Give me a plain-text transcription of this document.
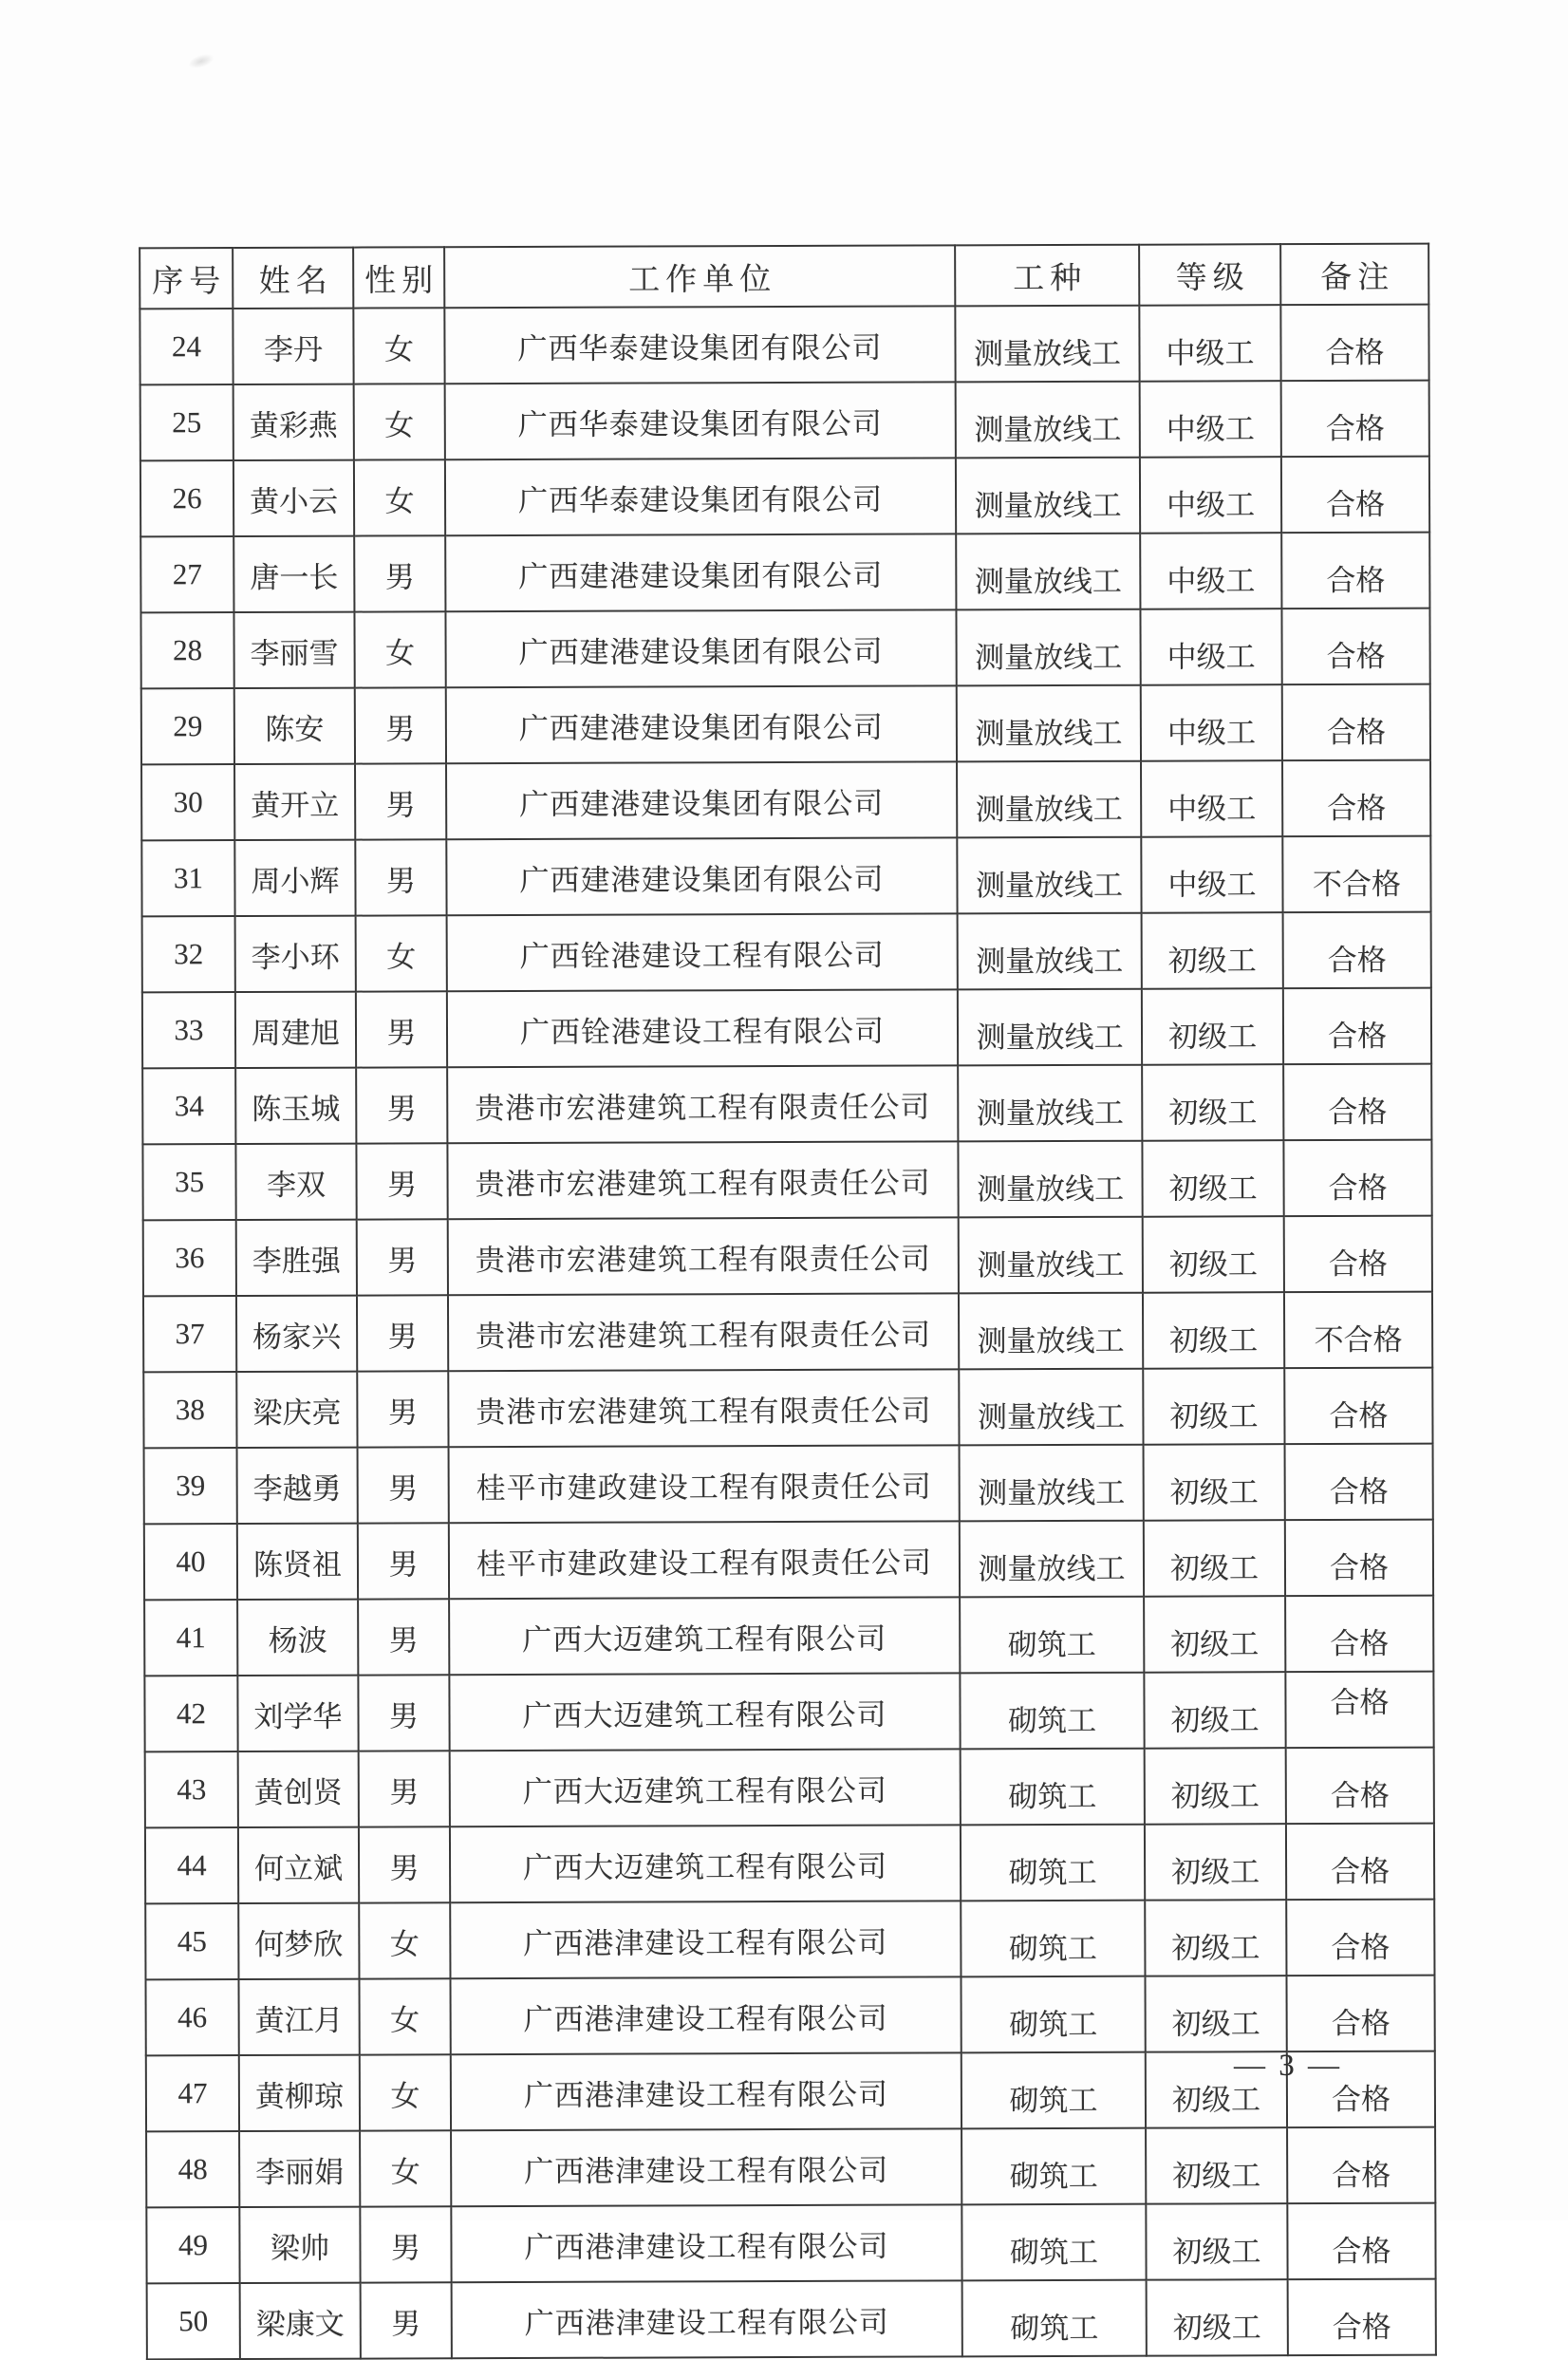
序号	姓名	性别	工作单位	工种	等级	备注
24	李丹	女	广西华泰建设集团有限公司	测量放线工	中级工	合格
25	黄彩燕	女	广西华泰建设集团有限公司	测量放线工	中级工	合格
26	黄小云	女	广西华泰建设集团有限公司	测量放线工	中级工	合格
27	唐一长	男	广西建港建设集团有限公司	测量放线工	中级工	合格
28	李丽雪	女	广西建港建设集团有限公司	测量放线工	中级工	合格
29	陈安	男	广西建港建设集团有限公司	测量放线工	中级工	合格
30	黄开立	男	广西建港建设集团有限公司	测量放线工	中级工	合格
31	周小辉	男	广西建港建设集团有限公司	测量放线工	中级工	不合格
32	李小环	女	广西铨港建设工程有限公司	测量放线工	初级工	合格
33	周建旭	男	广西铨港建设工程有限公司	测量放线工	初级工	合格
34	陈玉城	男	贵港市宏港建筑工程有限责任公司	测量放线工	初级工	合格
35	李双	男	贵港市宏港建筑工程有限责任公司	测量放线工	初级工	合格
36	李胜强	男	贵港市宏港建筑工程有限责任公司	测量放线工	初级工	合格
37	杨家兴	男	贵港市宏港建筑工程有限责任公司	测量放线工	初级工	不合格
38	梁庆亮	男	贵港市宏港建筑工程有限责任公司	测量放线工	初级工	合格
39	李越勇	男	桂平市建政建设工程有限责任公司	测量放线工	初级工	合格
40	陈贤祖	男	桂平市建政建设工程有限责任公司	测量放线工	初级工	合格
41	杨波	男	广西大迈建筑工程有限公司	砌筑工	初级工	合格
42	刘学华	男	广西大迈建筑工程有限公司	砌筑工	初级工	合格
43	黄创贤	男	广西大迈建筑工程有限公司	砌筑工	初级工	合格
44	何立斌	男	广西大迈建筑工程有限公司	砌筑工	初级工	合格
45	何梦欣	女	广西港津建设工程有限公司	砌筑工	初级工	合格
46	黄江月	女	广西港津建设工程有限公司	砌筑工	初级工	合格
47	黄柳琼	女	广西港津建设工程有限公司	砌筑工	初级工	合格
48	李丽娟	女	广西港津建设工程有限公司	砌筑工	初级工	合格
49	梁帅	男	广西港津建设工程有限公司	砌筑工	初级工	合格
50	梁康文	男	广西港津建设工程有限公司	砌筑工	初级工	合格
— 3 —
